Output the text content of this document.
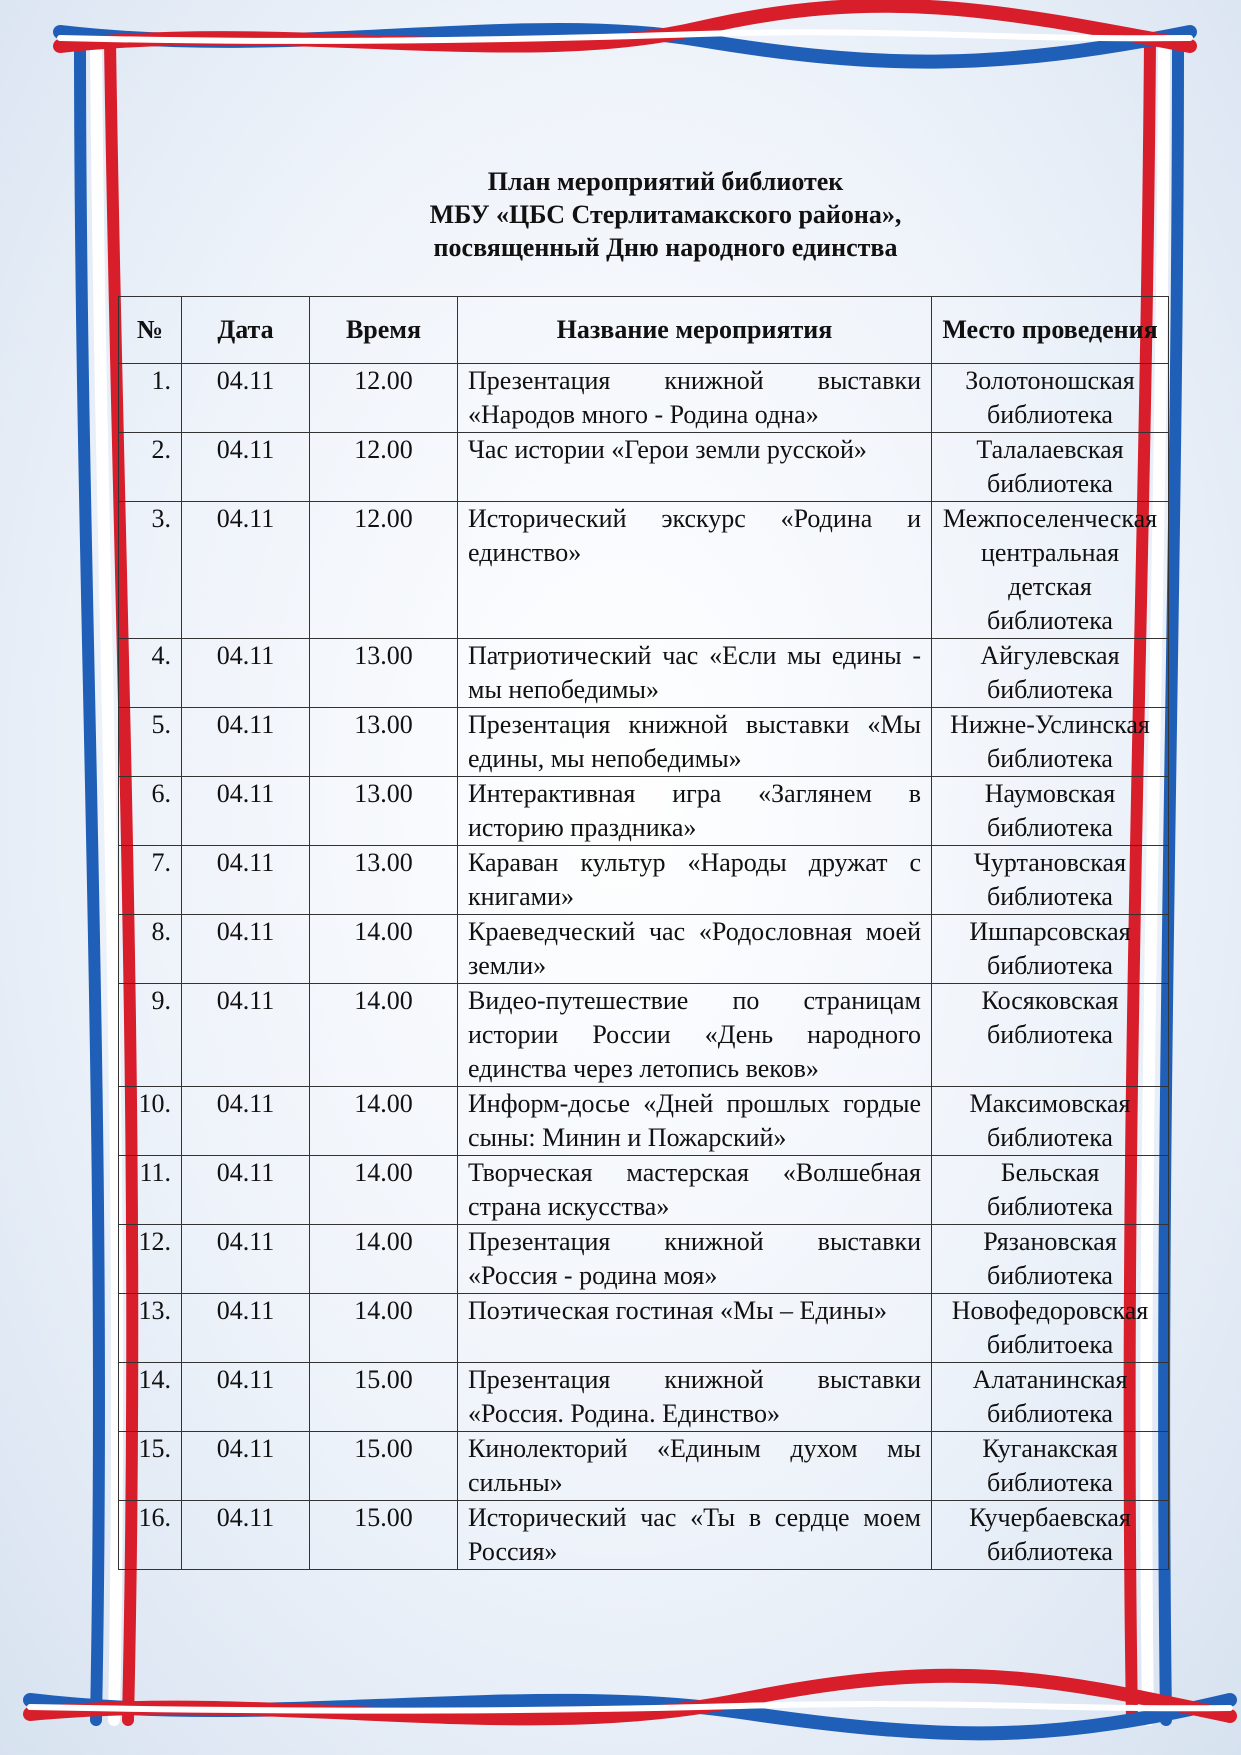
План мероприятий библиотек
МБУ «ЦБС Стерлитамакского района»,
посвященный Дню народного единства
№	Дата	Время	Название мероприятия	Место проведения
1.	04.11	12.00	Презентация книжной выставки «Народов много - Родина одна»	Золотоношская библиотека
2.	04.11	12.00	Час истории «Герои земли русской»	Талалаевская библиотека
3.	04.11	12.00	Исторический экскурс «Родина и единство»	Межпоселенческая центральная детская библиотека
4.	04.11	13.00	Патриотический час «Если мы едины - мы непобедимы»	Айгулевская библиотека
5.	04.11	13.00	Презентация книжной выставки «Мы едины, мы непобедимы»	Нижне-Услинская библиотека
6.	04.11	13.00	Интерактивная игра «Заглянем в историю праздника»	Наумовская библиотека
7.	04.11	13.00	Караван культур «Народы дружат с книгами»	Чуртановская библиотека
8.	04.11	14.00	Краеведческий час «Родословная моей земли»	Ишпарсовская библиотека
9.	04.11	14.00	Видео-путешествие по страницам истории России «День народного единства через летопись веков»	Косяковская библиотека
10.	04.11	14.00	Информ-досье «Дней прошлых гордые сыны: Минин и Пожарский»	Максимовская библиотека
11.	04.11	14.00	Творческая мастерская «Волшебная страна искусства»	Бельская библиотека
12.	04.11	14.00	Презентация книжной выставки «Россия - родина моя»	Рязановская библиотека
13.	04.11	14.00	Поэтическая гостиная «Мы – Едины»	Новофедоровская библитоека
14.	04.11	15.00	Презентация книжной выставки «Россия. Родина. Единство»	Алатанинская библиотека
15.	04.11	15.00	Кинолекторий «Единым духом мы сильны»	Куганакская библиотека
16.	04.11	15.00	Исторический час «Ты в сердце моем Россия»	Кучербаевская библиотека
